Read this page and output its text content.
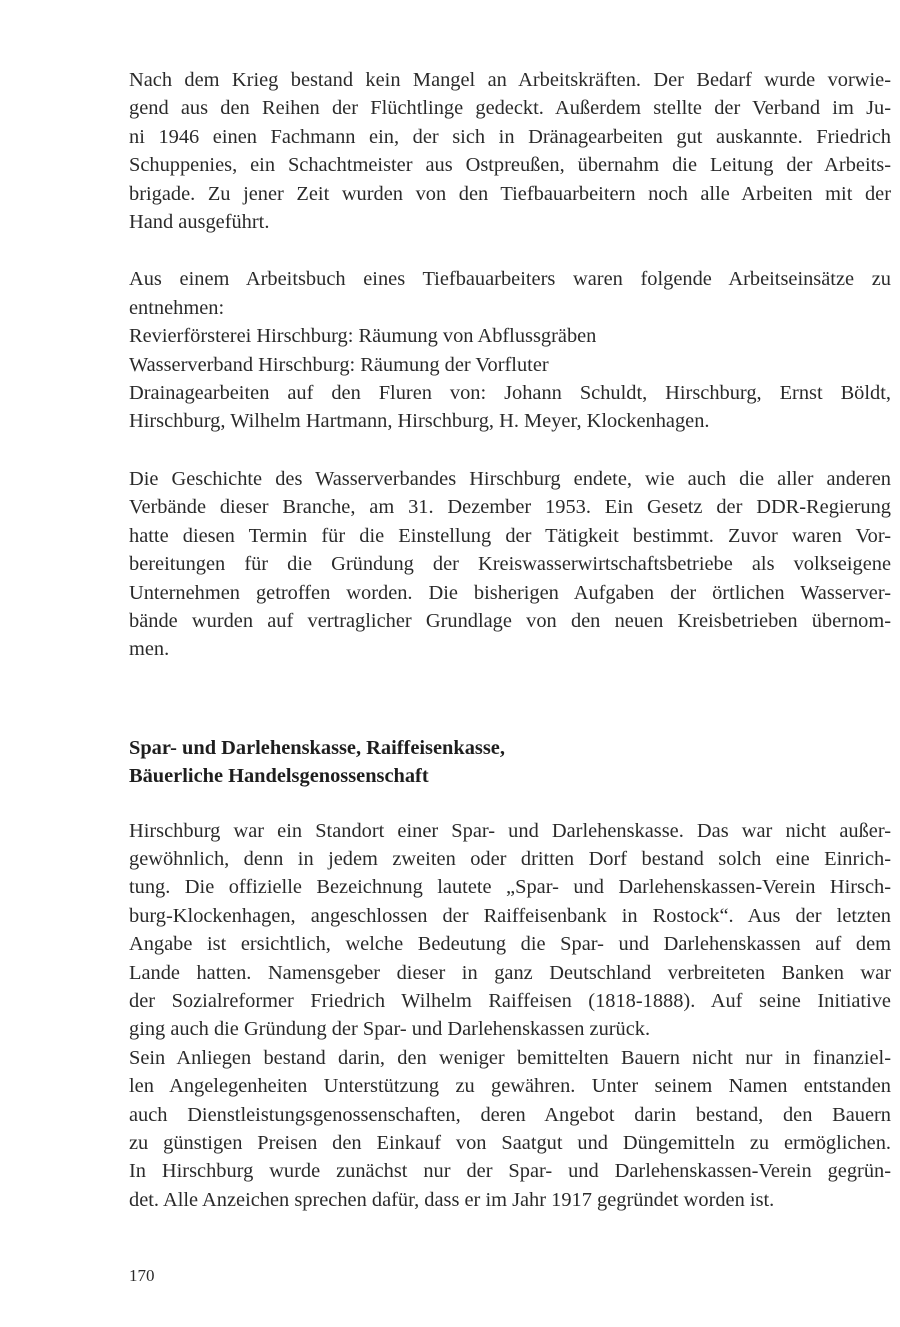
Nach dem Krieg bestand kein Mangel an Arbeitskräften. Der Bedarf wurde vorwie-
gend aus den Reihen der Flüchtlinge gedeckt. Außerdem stellte der Verband im Ju-
ni 1946 einen Fachmann ein, der sich in Dränagearbeiten gut auskannte. Friedrich
Schuppenies, ein Schachtmeister aus Ostpreußen, übernahm die Leitung der Arbeits-
brigade. Zu jener Zeit wurden von den Tiefbauarbeitern noch alle Arbeiten mit der
Hand ausgeführt.

Aus einem Arbeitsbuch eines Tiefbauarbeiters waren folgende Arbeitseinsätze zu
entnehmen:
Revierförsterei Hirschburg: Räumung von Abflussgräben
Wasserverband Hirschburg: Räumung der Vorfluter
Drainagearbeiten auf den Fluren von: Johann Schuldt, Hirschburg, Ernst Böldt,
Hirschburg, Wilhelm Hartmann, Hirschburg, H. Meyer, Klockenhagen.

Die Geschichte des Wasserverbandes Hirschburg endete, wie auch die aller anderen
Verbände dieser Branche, am 31. Dezember 1953. Ein Gesetz der DDR-Regierung
hatte diesen Termin für die Einstellung der Tätigkeit bestimmt. Zuvor waren Vor-
bereitungen für die Gründung der Kreiswasserwirtschaftsbetriebe als volkseigene
Unternehmen getroffen worden. Die bisherigen Aufgaben der örtlichen Wasserver-
bände wurden auf vertraglicher Grundlage von den neuen Kreisbetrieben übernom-
men.

Spar- und Darlehenskasse, Raiffeisenkasse,
Bäuerliche Handelsgenossenschaft

Hirschburg war ein Standort einer Spar- und Darlehenskasse. Das war nicht außer-
gewöhnlich, denn in jedem zweiten oder dritten Dorf bestand solch eine Einrich-
tung. Die offizielle Bezeichnung lautete „Spar- und Darlehenskassen-Verein Hirsch-
burg-Klockenhagen, angeschlossen der Raiffeisenbank in Rostock“. Aus der letzten
Angabe ist ersichtlich, welche Bedeutung die Spar- und Darlehenskassen auf dem
Lande hatten. Namensgeber dieser in ganz Deutschland verbreiteten Banken war
der Sozialreformer Friedrich Wilhelm Raiffeisen (1818-1888). Auf seine Initiative
ging auch die Gründung der Spar- und Darlehenskassen zurück.
Sein Anliegen bestand darin, den weniger bemittelten Bauern nicht nur in finanziel-
len Angelegenheiten Unterstützung zu gewähren. Unter seinem Namen entstanden
auch Dienstleistungsgenossenschaften, deren Angebot darin bestand, den Bauern
zu günstigen Preisen den Einkauf von Saatgut und Düngemitteln zu ermöglichen.
In Hirschburg wurde zunächst nur der Spar- und Darlehenskassen-Verein gegrün-
det. Alle Anzeichen sprechen dafür, dass er im Jahr 1917 gegründet worden ist.

170
